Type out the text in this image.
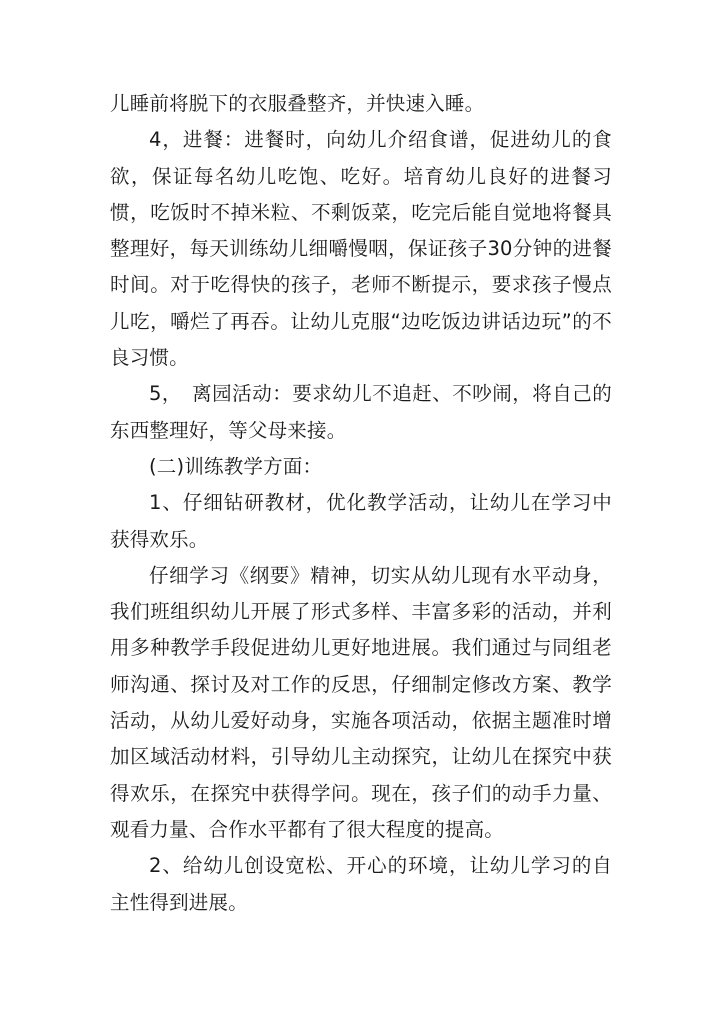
儿睡前将脱下的衣服叠整齐，并快速入睡。

4，进餐：进餐时，向幼儿介绍食谱，促进幼儿的食欲，保证每名幼儿吃饱、吃好。培育幼儿良好的进餐习惯，吃饭时不掉米粒、不剩饭菜，吃完后能自觉地将餐具整理好，每天训练幼儿细嚼慢咽，保证孩子30分钟的进餐时间。对于吃得快的孩子，老师不断提示，要求孩子慢点儿吃，嚼烂了再吞。让幼儿克服“边吃饭边讲话边玩”的不良习惯。

5，　离园活动：要求幼儿不追赶、不吵闹，将自己的东西整理好，等父母来接。

(二)训练教学方面：

1、仔细钻研教材，优化教学活动，让幼儿在学习中获得欢乐。

仔细学习《纲要》精神，切实从幼儿现有水平动身，我们班组织幼儿开展了形式多样、丰富多彩的活动，并利用多种教学手段促进幼儿更好地进展。我们通过与同组老师沟通、探讨及对工作的反思，仔细制定修改方案、教学活动，从幼儿爱好动身，实施各项活动，依据主题准时增加区域活动材料，引导幼儿主动探究，让幼儿在探究中获得欢乐，在探究中获得学问。现在，孩子们的动手力量、观看力量、合作水平都有了很大程度的提高。

2、给幼儿创设宽松、开心的环境，让幼儿学习的自主性得到进展。
